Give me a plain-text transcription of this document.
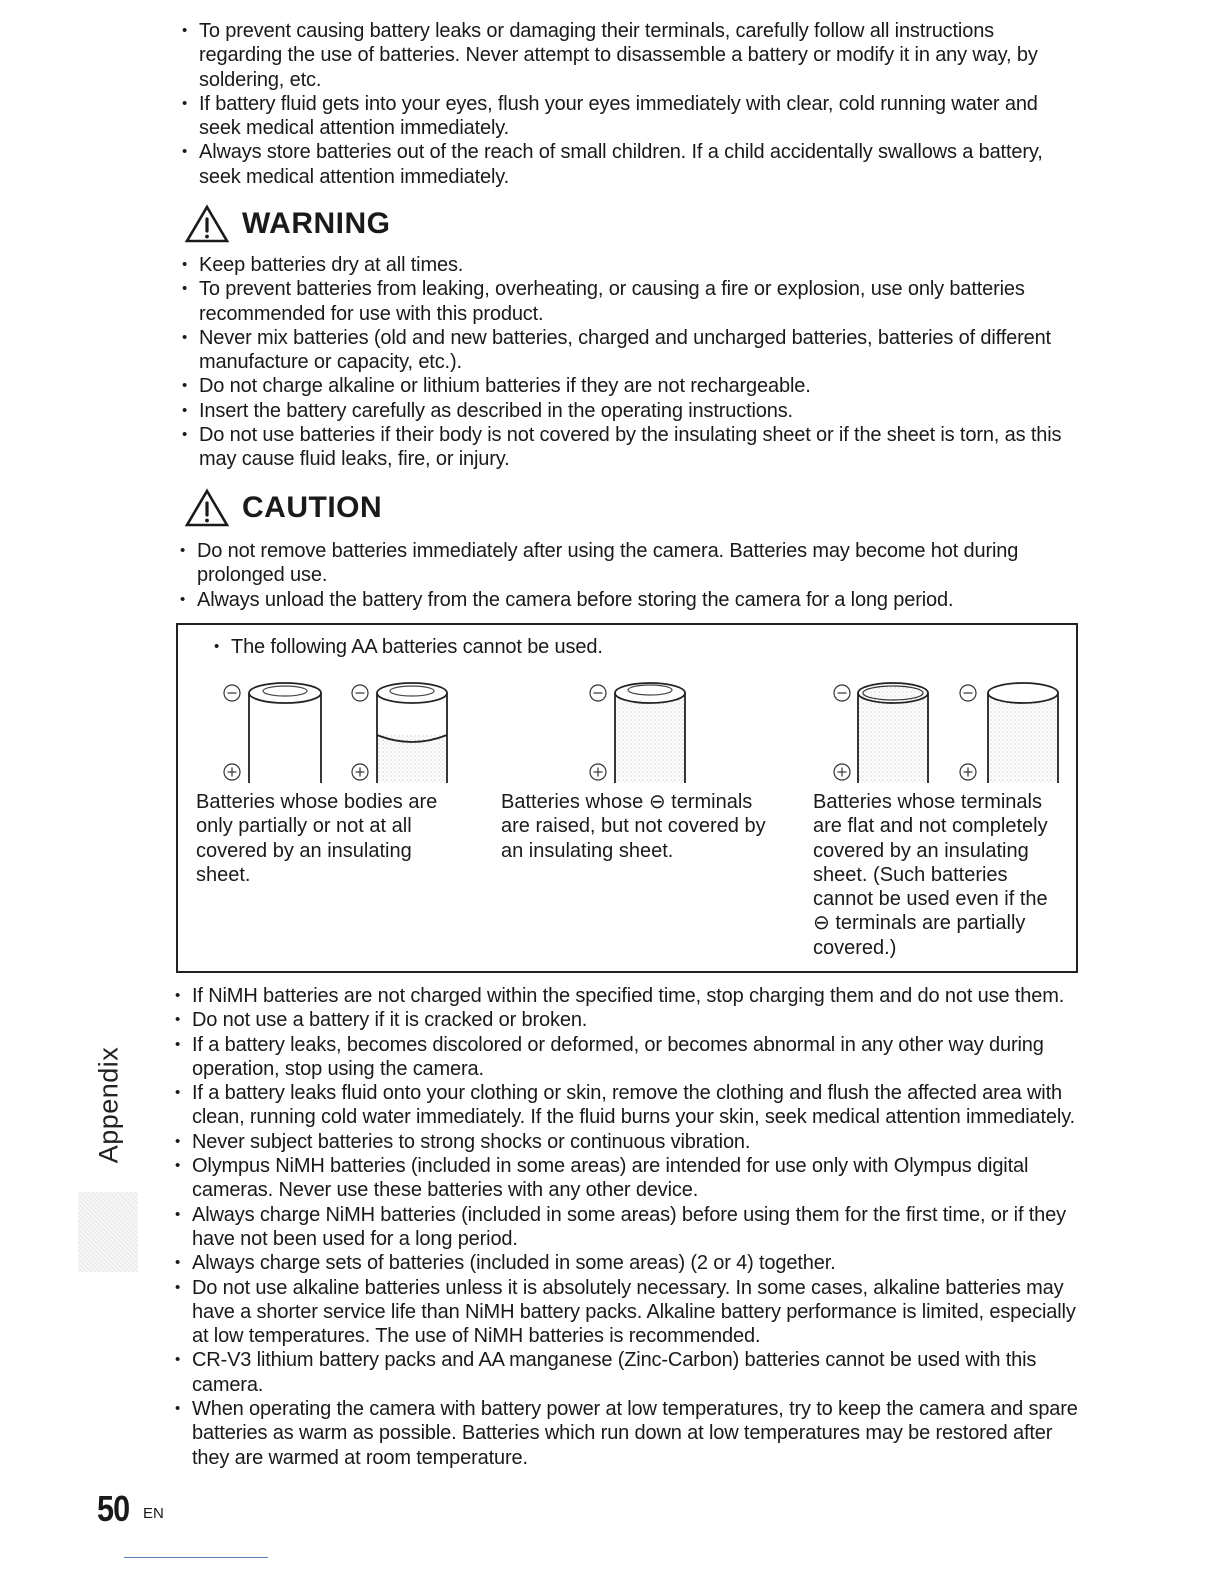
• To prevent causing battery leaks or damaging their terminals, carefully follow all instructions regarding the use of batteries. Never attempt to disassemble a battery or modify it in any way, by soldering, etc.
• If battery fluid gets into your eyes, flush your eyes immediately with clear, cold running water and seek medical attention immediately.
• Always store batteries out of the reach of small children. If a child accidentally swallows a battery, seek medical attention immediately.
WARNING
• Keep batteries dry at all times.
• To prevent batteries from leaking, overheating, or causing a fire or explosion, use only batteries recommended for use with this product.
• Never mix batteries (old and new batteries, charged and uncharged batteries, batteries of different manufacture or capacity, etc.).
• Do not charge alkaline or lithium batteries if they are not rechargeable.
• Insert the battery carefully as described in the operating instructions.
• Do not use batteries if their body is not covered by the insulating sheet or if the sheet is torn, as this may cause fluid leaks, fire, or injury.
CAUTION
• Do not remove batteries immediately after using the camera. Batteries may become hot during prolonged use.
• Always unload the battery from the camera before storing the camera for a long period.
• The following AA batteries cannot be used.
Batteries whose bodies are
only partially or not at all
covered by an insulating
sheet.
Batteries whose ⊖ terminals
are raised, but not covered by
an insulating sheet.
Batteries whose terminals
are flat and not completely
covered by an insulating
sheet. (Such batteries
cannot be used even if the
⊖ terminals are partially
covered.)
• If NiMH batteries are not charged within the specified time, stop charging them and do not use them.
• Do not use a battery if it is cracked or broken.
• If a battery leaks, becomes discolored or deformed, or becomes abnormal in any other way during operation, stop using the camera.
• If a battery leaks fluid onto your clothing or skin, remove the clothing and flush the affected area with clean, running cold water immediately. If the fluid burns your skin, seek medical attention immediately.
• Never subject batteries to strong shocks or continuous vibration.
• Olympus NiMH batteries (included in some areas) are intended for use only with Olympus digital cameras. Never use these batteries with any other device.
• Always charge NiMH batteries (included in some areas) before using them for the first time, or if they have not been used for a long period.
• Always charge sets of batteries (included in some areas) (2 or 4) together.
• Do not use alkaline batteries unless it is absolutely necessary. In some cases, alkaline batteries may have a shorter service life than NiMH battery packs. Alkaline battery performance is limited, especially at low temperatures. The use of NiMH batteries is recommended.
• CR-V3 lithium battery packs and AA manganese (Zinc-Carbon) batteries cannot be used with this camera.
• When operating the camera with battery power at low temperatures, try to keep the camera and spare batteries as warm as possible. Batteries which run down at low temperatures may be restored after they are warmed at room temperature.
Appendix
50 EN
